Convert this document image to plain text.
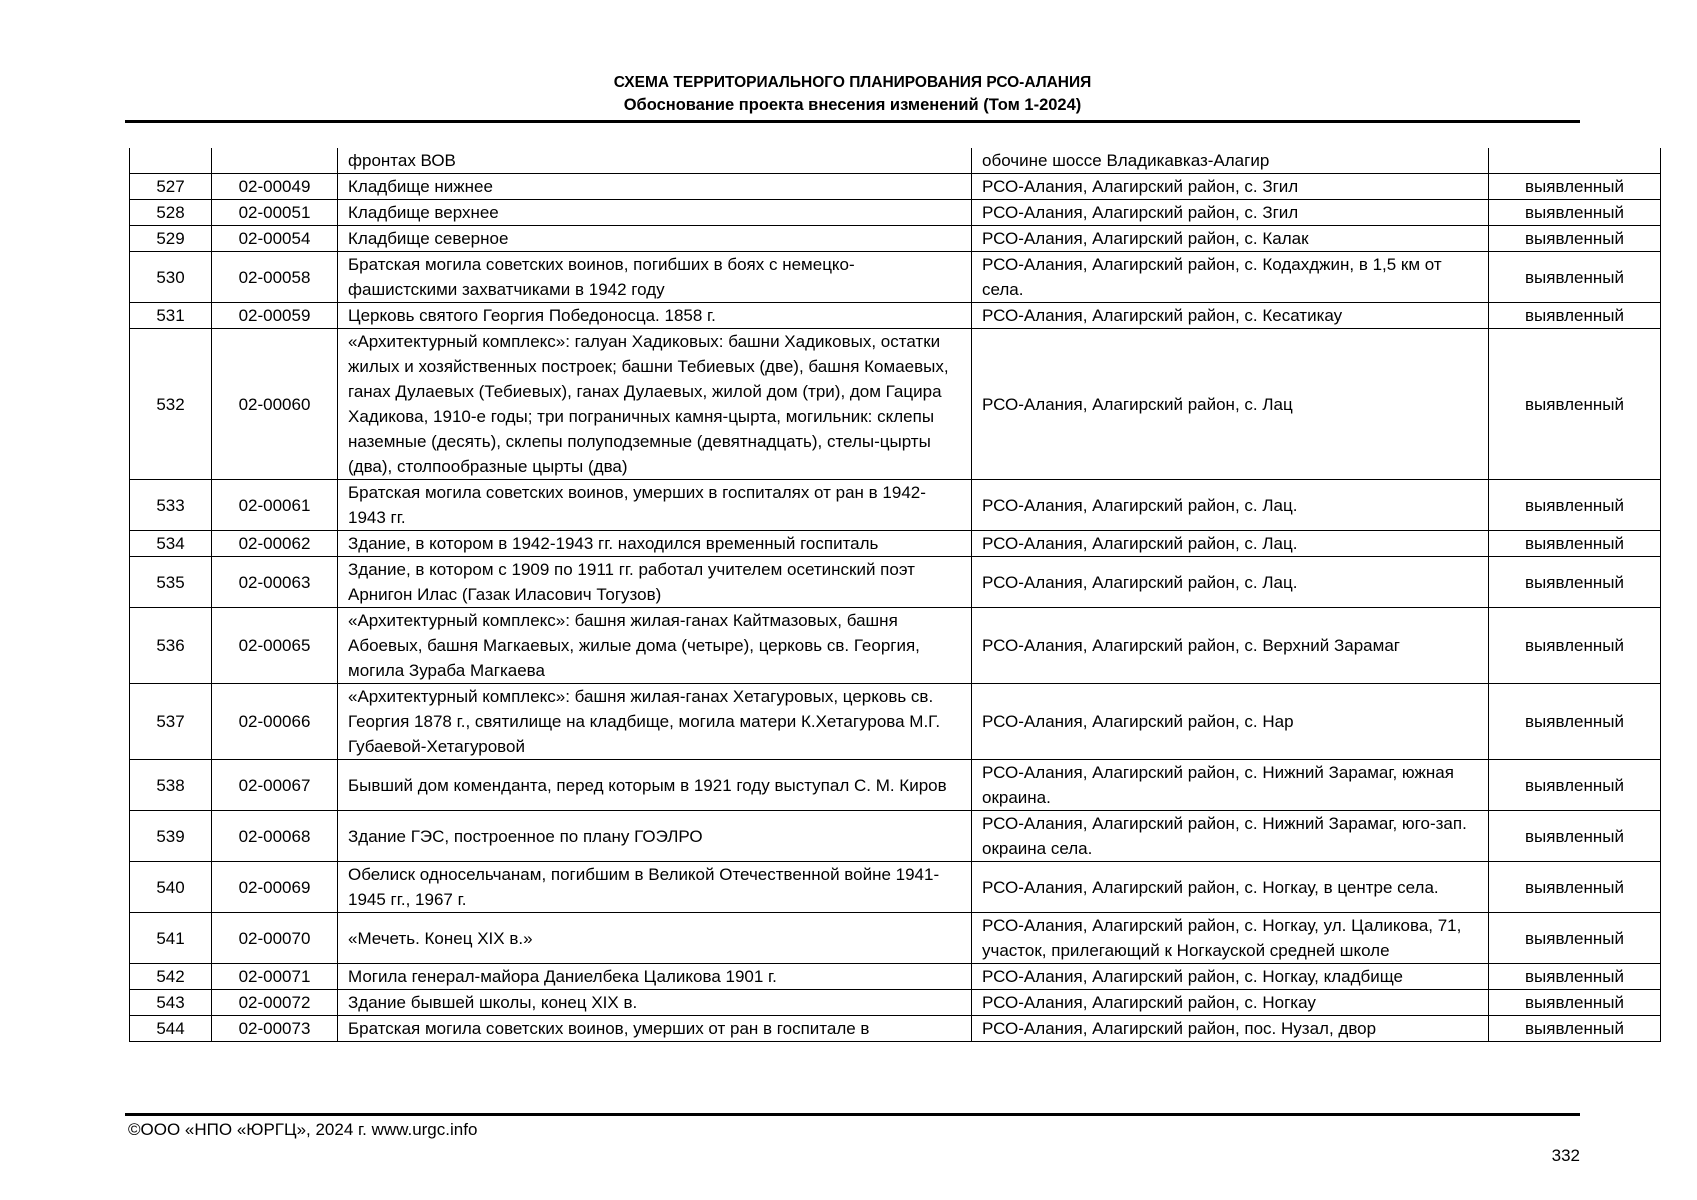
СХЕМА ТЕРРИТОРИАЛЬНОГО ПЛАНИРОВАНИЯ РСО-АЛАНИЯ
Обоснование проекта внесения изменений (Том 1-2024)
		фронтах ВОВ	обочине шоссе Владикавказ-Алагир	
527	02-00049	Кладбище нижнее	РСО-Алания, Алагирский район, с. Згил	выявленный
528	02-00051	Кладбище верхнее	РСО-Алания, Алагирский район, с. Згил	выявленный
529	02-00054	Кладбище северное	РСО-Алания, Алагирский район, с. Калак	выявленный
530	02-00058	Братская могила советских воинов, погибших в боях с немецко-фашистскими захватчиками в 1942 году	РСО-Алания, Алагирский район, с. Кодахджин, в 1,5 км от села.	выявленный
531	02-00059	Церковь святого Георгия Победоносца. 1858 г.	РСО-Алания, Алагирский район, с. Кесатикау	выявленный
532	02-00060	«Архитектурный комплекс»: галуан Хадиковых: башни Хадиковых, остатки жилых и хозяйственных построек; башни Тебиевых (две), башня Комаевых, ганах Дулаевых (Тебиевых), ганах Дулаевых, жилой дом (три), дом Гацира Хадикова, 1910-е годы; три пограничных камня-цырта, могильник: склепы наземные (десять), склепы полуподземные (девятнадцать), стелы-цырты (два), столпообразные цырты (два)	РСО-Алания, Алагирский район, с. Лац	выявленный
533	02-00061	Братская могила советских воинов, умерших в госпиталях от ран в 1942-1943 гг.	РСО-Алания, Алагирский район, с. Лац.	выявленный
534	02-00062	Здание, в котором в 1942-1943 гг. находился временный госпиталь	РСО-Алания, Алагирский район, с. Лац.	выявленный
535	02-00063	Здание, в котором с 1909 по 1911 гг. работал учителем осетинский поэт Арнигон Илас (Газак Иласович Тогузов)	РСО-Алания, Алагирский район, с. Лац.	выявленный
536	02-00065	«Архитектурный комплекс»: башня жилая-ганах Кайтмазовых, башня Абоевых, башня Магкаевых, жилые дома (четыре), церковь св. Георгия, могила Зураба Магкаева	РСО-Алания, Алагирский район, с. Верхний Зарамаг	выявленный
537	02-00066	«Архитектурный комплекс»: башня жилая-ганах Хетагуровых, церковь св. Георгия 1878 г., святилище на кладбище, могила матери К.Хетагурова М.Г. Губаевой-Хетагуровой	РСО-Алания, Алагирский район, с. Нар	выявленный
538	02-00067	Бывший дом коменданта, перед которым в 1921 году выступал С. М. Киров	РСО-Алания, Алагирский район, с. Нижний Зарамаг, южная окраина.	выявленный
539	02-00068	Здание ГЭС, построенное по плану ГОЭЛРО	РСО-Алания, Алагирский район, с. Нижний Зарамаг, юго-зап. окраина села.	выявленный
540	02-00069	Обелиск односельчанам, погибшим в Великой Отечественной войне 1941-1945 гг., 1967 г.	РСО-Алания, Алагирский район, с. Ногкау, в центре села.	выявленный
541	02-00070	«Мечеть. Конец XIX в.»	РСО-Алания, Алагирский район, с. Ногкау, ул. Цаликова, 71, участок, прилегающий к Ногкауской средней школе	выявленный
542	02-00071	Могила генерал-майора Даниелбека Цаликова 1901 г.	РСО-Алания, Алагирский район, с. Ногкау, кладбище	выявленный
543	02-00072	Здание бывшей школы, конец XIX в.	РСО-Алания, Алагирский район, с. Ногкау	выявленный
544	02-00073	Братская могила советских воинов, умерших от ран в госпитале в	РСО-Алания, Алагирский район, пос. Нузал, двор	выявленный
©ООО «НПО «ЮРГЦ», 2024 г. www.urgc.info
332
